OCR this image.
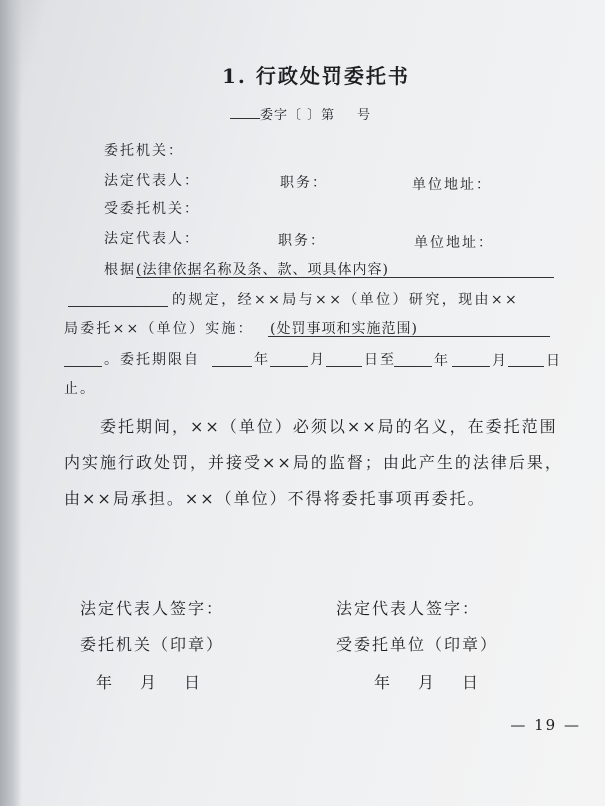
1. 行政处罚委托书
委字〔 〕第 号
委托机关：
法定代表人：	职务：	单位地址：
受委托机关：
法定代表人：	职务：	单位地址：
根据 (法律依据名称及条、款、项具体内容)
的规定，经××局与××（单位）研究，现由××
局委托××（单位）实施： (处罚事项和实施范围)
。委托期限自	年	月	日至	年	月	日
止。
委托期间，××（单位）必须以××局的名义，在委托范围
内实施行政处罚，并接受××局的监督；由此产生的法律后果，
由××局承担。××（单位）不得将委托事项再委托。
法定代表人签字：
委托机关（印章）
年　月　日
法定代表人签字：
受委托单位（印章）
年　月　日
— 19 —
